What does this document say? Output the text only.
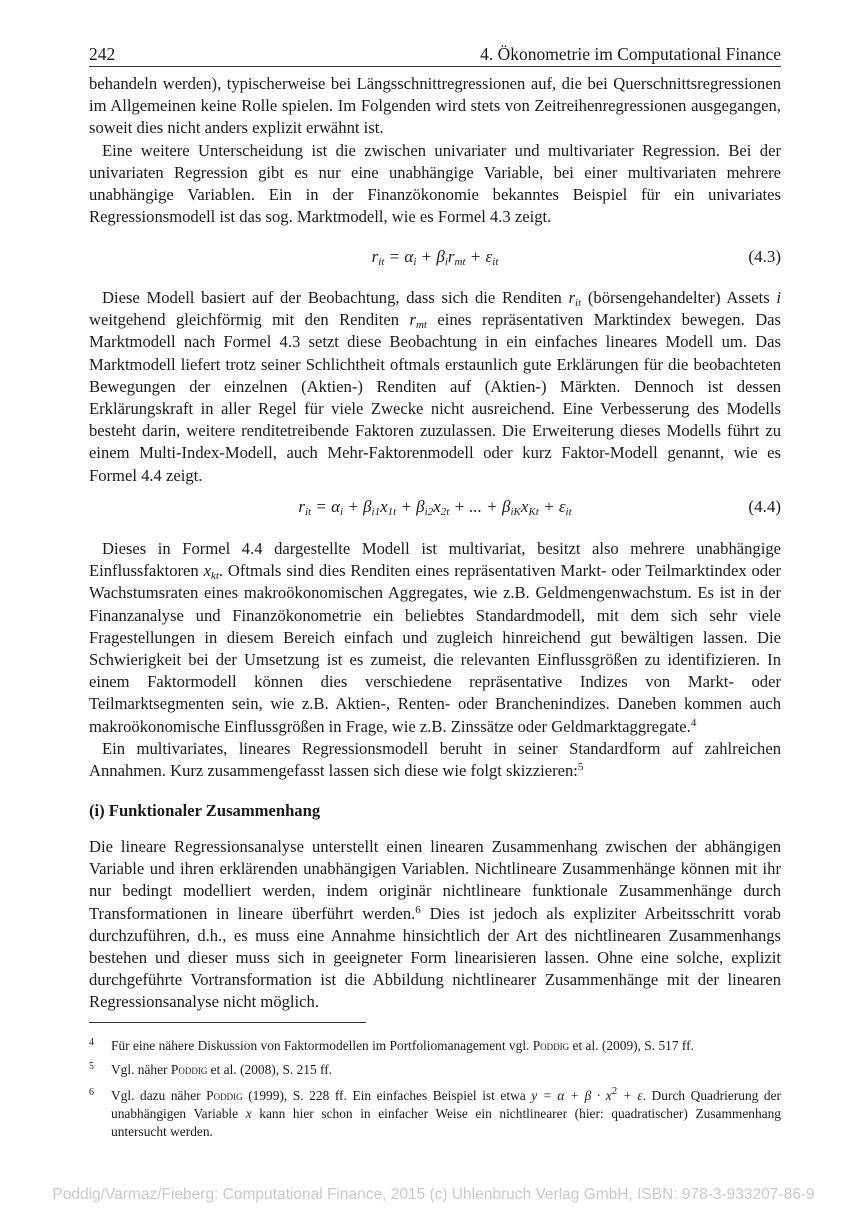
242	4. Ökonometrie im Computational Finance

behandeln werden), typischerweise bei Längsschnittregressionen auf, die bei Querschnittsregressionen im Allgemeinen keine Rolle spielen. Im Folgenden wird stets von Zeitreihenregressionen ausgegangen, soweit dies nicht anders explizit erwähnt ist.

Eine weitere Unterscheidung ist die zwischen univariater und multivariater Regression. Bei der univariaten Regression gibt es nur eine unabhängige Variable, bei einer multivariaten mehrere unabhängige Variablen. Ein in der Finanzökonomie bekanntes Beispiel für ein univariates Regressionsmodell ist das sog. Marktmodell, wie es Formel 4.3 zeigt.

$r_{it} = \alpha_i + \beta_ir_{mt} + \varepsilon_{it}$	(4.3)

Diese Modell basiert auf der Beobachtung, dass sich die Renditen $r_{it}$ (börsengehandelter) Assets i weitgehend gleichförmig mit den Renditen $r_{mt}$ eines repräsentativen Marktindex bewegen. Das Marktmodell nach Formel 4.3 setzt diese Beobachtung in ein einfaches lineares Modell um. Das Marktmodell liefert trotz seiner Schlichtheit oftmals erstaunlich gute Erklärungen für die beobachteten Bewegungen der einzelnen (Aktien-) Renditen auf (Aktien-) Märkten. Dennoch ist dessen Erklärungskraft in aller Regel für viele Zwecke nicht ausreichend. Eine Verbesserung des Modells besteht darin, weitere renditetreibende Faktoren zuzulassen. Die Erweiterung dieses Modells führt zu einem Multi-Index-Modell, auch Mehr-Faktorenmodell oder kurz Faktor-Modell genannt, wie es Formel 4.4 zeigt.

$r_{it} = \alpha_i + \beta_{i1}x_{1t} + \beta_{i2}x_{2t}$ + ... + $\beta_{iK}x_{Kt} + \varepsilon_{it}$	(4.4)

Dieses in Formel 4.4 dargestellte Modell ist multivariat, besitzt also mehrere unabhängige Einflussfaktoren $x_{kt}$. Oftmals sind dies Renditen eines repräsentativen Markt- oder Teilmarktindex oder Wachstumsraten eines makroökonomischen Aggregates, wie z.B. Geldmengenwachstum. Es ist in der Finanzanalyse und Finanzökonometrie ein beliebtes Standardmodell, mit dem sich sehr viele Fragestellungen in diesem Bereich einfach und zugleich hinreichend gut bewältigen lassen. Die Schwierigkeit bei der Umsetzung ist es zumeist, die relevanten Einflussgrößen zu identifizieren. In einem Faktormodell können dies verschiedene repräsentative Indizes von Markt- oder Teilmarktsegmenten sein, wie z.B. Aktien-, Renten- oder Branchenindizes. Daneben kommen auch makroökonomische Einflussgrößen in Frage, wie z.B. Zinssätze oder Geldmarktaggregate.$^4$

Ein multivariates, lineares Regressionsmodell beruht in seiner Standardform auf zahlreichen Annahmen. Kurz zusammengefasst lassen sich diese wie folgt skizzieren:$^5$

(i) Funktionaler Zusammenhang

Die lineare Regressionsanalyse unterstellt einen linearen Zusammenhang zwischen der abhängigen Variable und ihren erklärenden unabhängigen Variablen. Nichtlineare Zusammenhänge können mit ihr nur bedingt modelliert werden, indem originär nichtlineare funktionale Zusammenhänge durch Transformationen in lineare überführt werden.$^6$ Dies ist jedoch als expliziter Arbeitsschritt vorab durchzuführen, d.h., es muss eine Annahme hinsichtlich der Art des nichtlinearen Zusammenhangs bestehen und dieser muss sich in geeigneter Form linearisieren lassen. Ohne eine solche, explizit durchgeführte Vortransformation ist die Abbildung nichtlinearer Zusammenhänge mit der linearen Regressionsanalyse nicht möglich.

4 Für eine nähere Diskussion von Faktormodellen im Portfoliomanagement vgl. Poddig et al. (2009), S. 517 ff.
5 Vgl. näher Poddig et al. (2008), S. 215 ff.
6 Vgl. dazu näher Poddig (1999), S. 228 ff. Ein einfaches Beispiel ist etwa $y = \alpha + \beta \cdot x^2 + \varepsilon$. Durch Quadrierung der unabhängigen Variable x kann hier schon in einfacher Weise ein nichtlinearer (hier: quadratischer) Zusammenhang untersucht werden.
Poddig/Varmaz/Fieberg: Computational Finance, 2015 (c) Uhlenbruch Verlag GmbH, ISBN: 978-3-933207-86-9
